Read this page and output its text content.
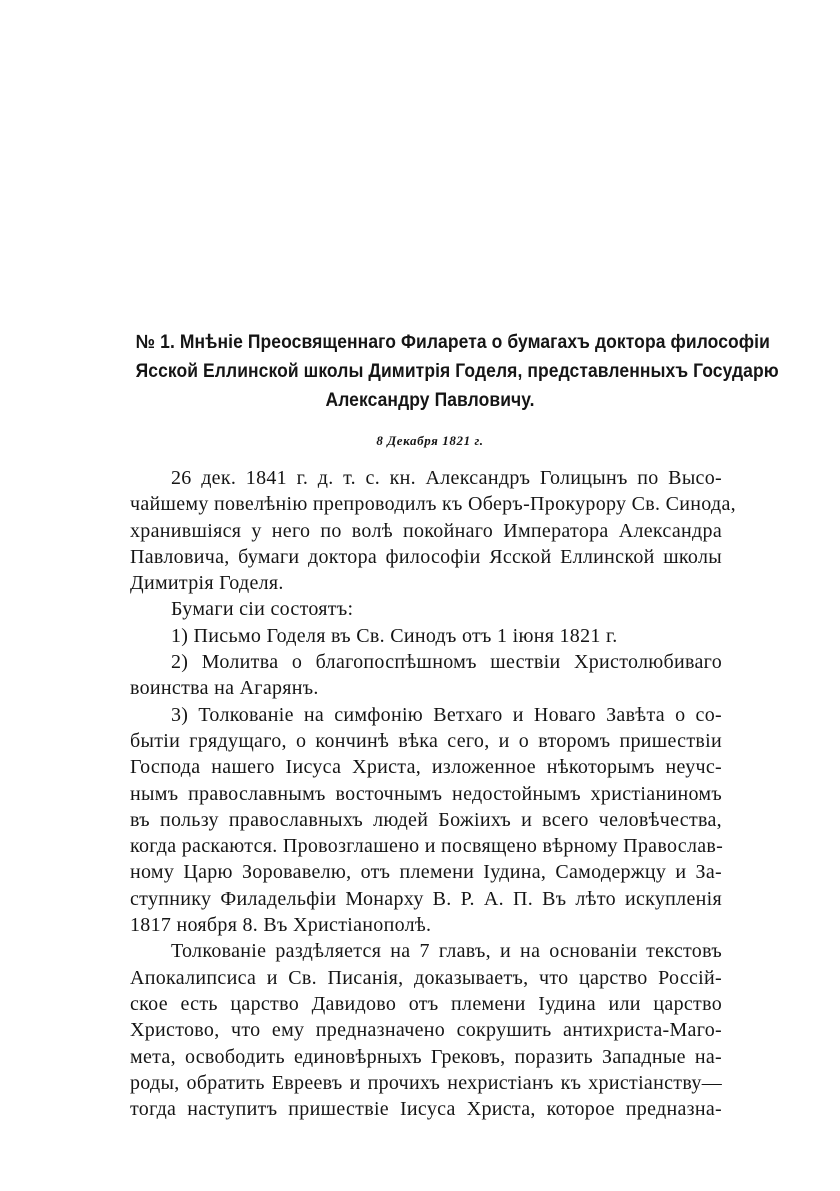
№ 1. Мнѣніе Преосвященнаго Филарета о бумагахъ доктора философіи
Ясской Еллинской школы Димитрія Годеля, представленныхъ Государю
Александру Павловичу.
8 Декабря 1821 г.
26 дек. 1841 г. д. т. с. кн. Александръ Голицынъ по Высо-
чайшему повелѣнію препроводилъ къ Оберъ-Прокурору Св. Синода,
хранившіяся у него по волѣ покойнаго Императора Александра
Павловича, бумаги доктора философіи Ясской Еллинской школы
Димитрія Годеля.
Бумаги сіи состоятъ:
1) Письмо Годеля въ Св. Синодъ отъ 1 іюня 1821 г.
2) Молитва о благопоспѣшномъ шествіи Христолюбиваго
воинства на Агарянъ.
3) Толкованіе на симфонію Ветхаго и Новаго Завѣта о со-
бытіи грядущаго, о кончинѣ вѣка сего, и о второмъ пришествіи
Господа нашего Іисуса Христа, изложенное нѣкоторымъ неучс-
нымъ православнымъ восточнымъ недостойнымъ христіаниномъ
въ пользу православныхъ людей Божіихъ и всего человѣчества,
когда раскаются. Провозглашено и посвящено вѣрному Православ-
ному Царю Зоровавелю, отъ племени Іудина, Самодержцу и За-
ступнику Филадельфіи Монарху В. Р. А. П. Въ лѣто искупленія
1817 ноября 8. Въ Христіанополѣ.
Толкованіе раздѣляется на 7 главъ, и на основаніи текстовъ
Апокалипсиса и Св. Писанія, доказываетъ, что царство Россій-
ское есть царство Давидово отъ племени Іудина или царство
Христово, что ему предназначено сокрушить антихриста-Маго-
мета, освободить единовѣрныхъ Грековъ, поразить Западные на-
роды, обратить Евреевъ и прочихъ нехристіанъ къ христіанству—
тогда наступитъ пришествіе Іисуса Христа, которое предназна-
